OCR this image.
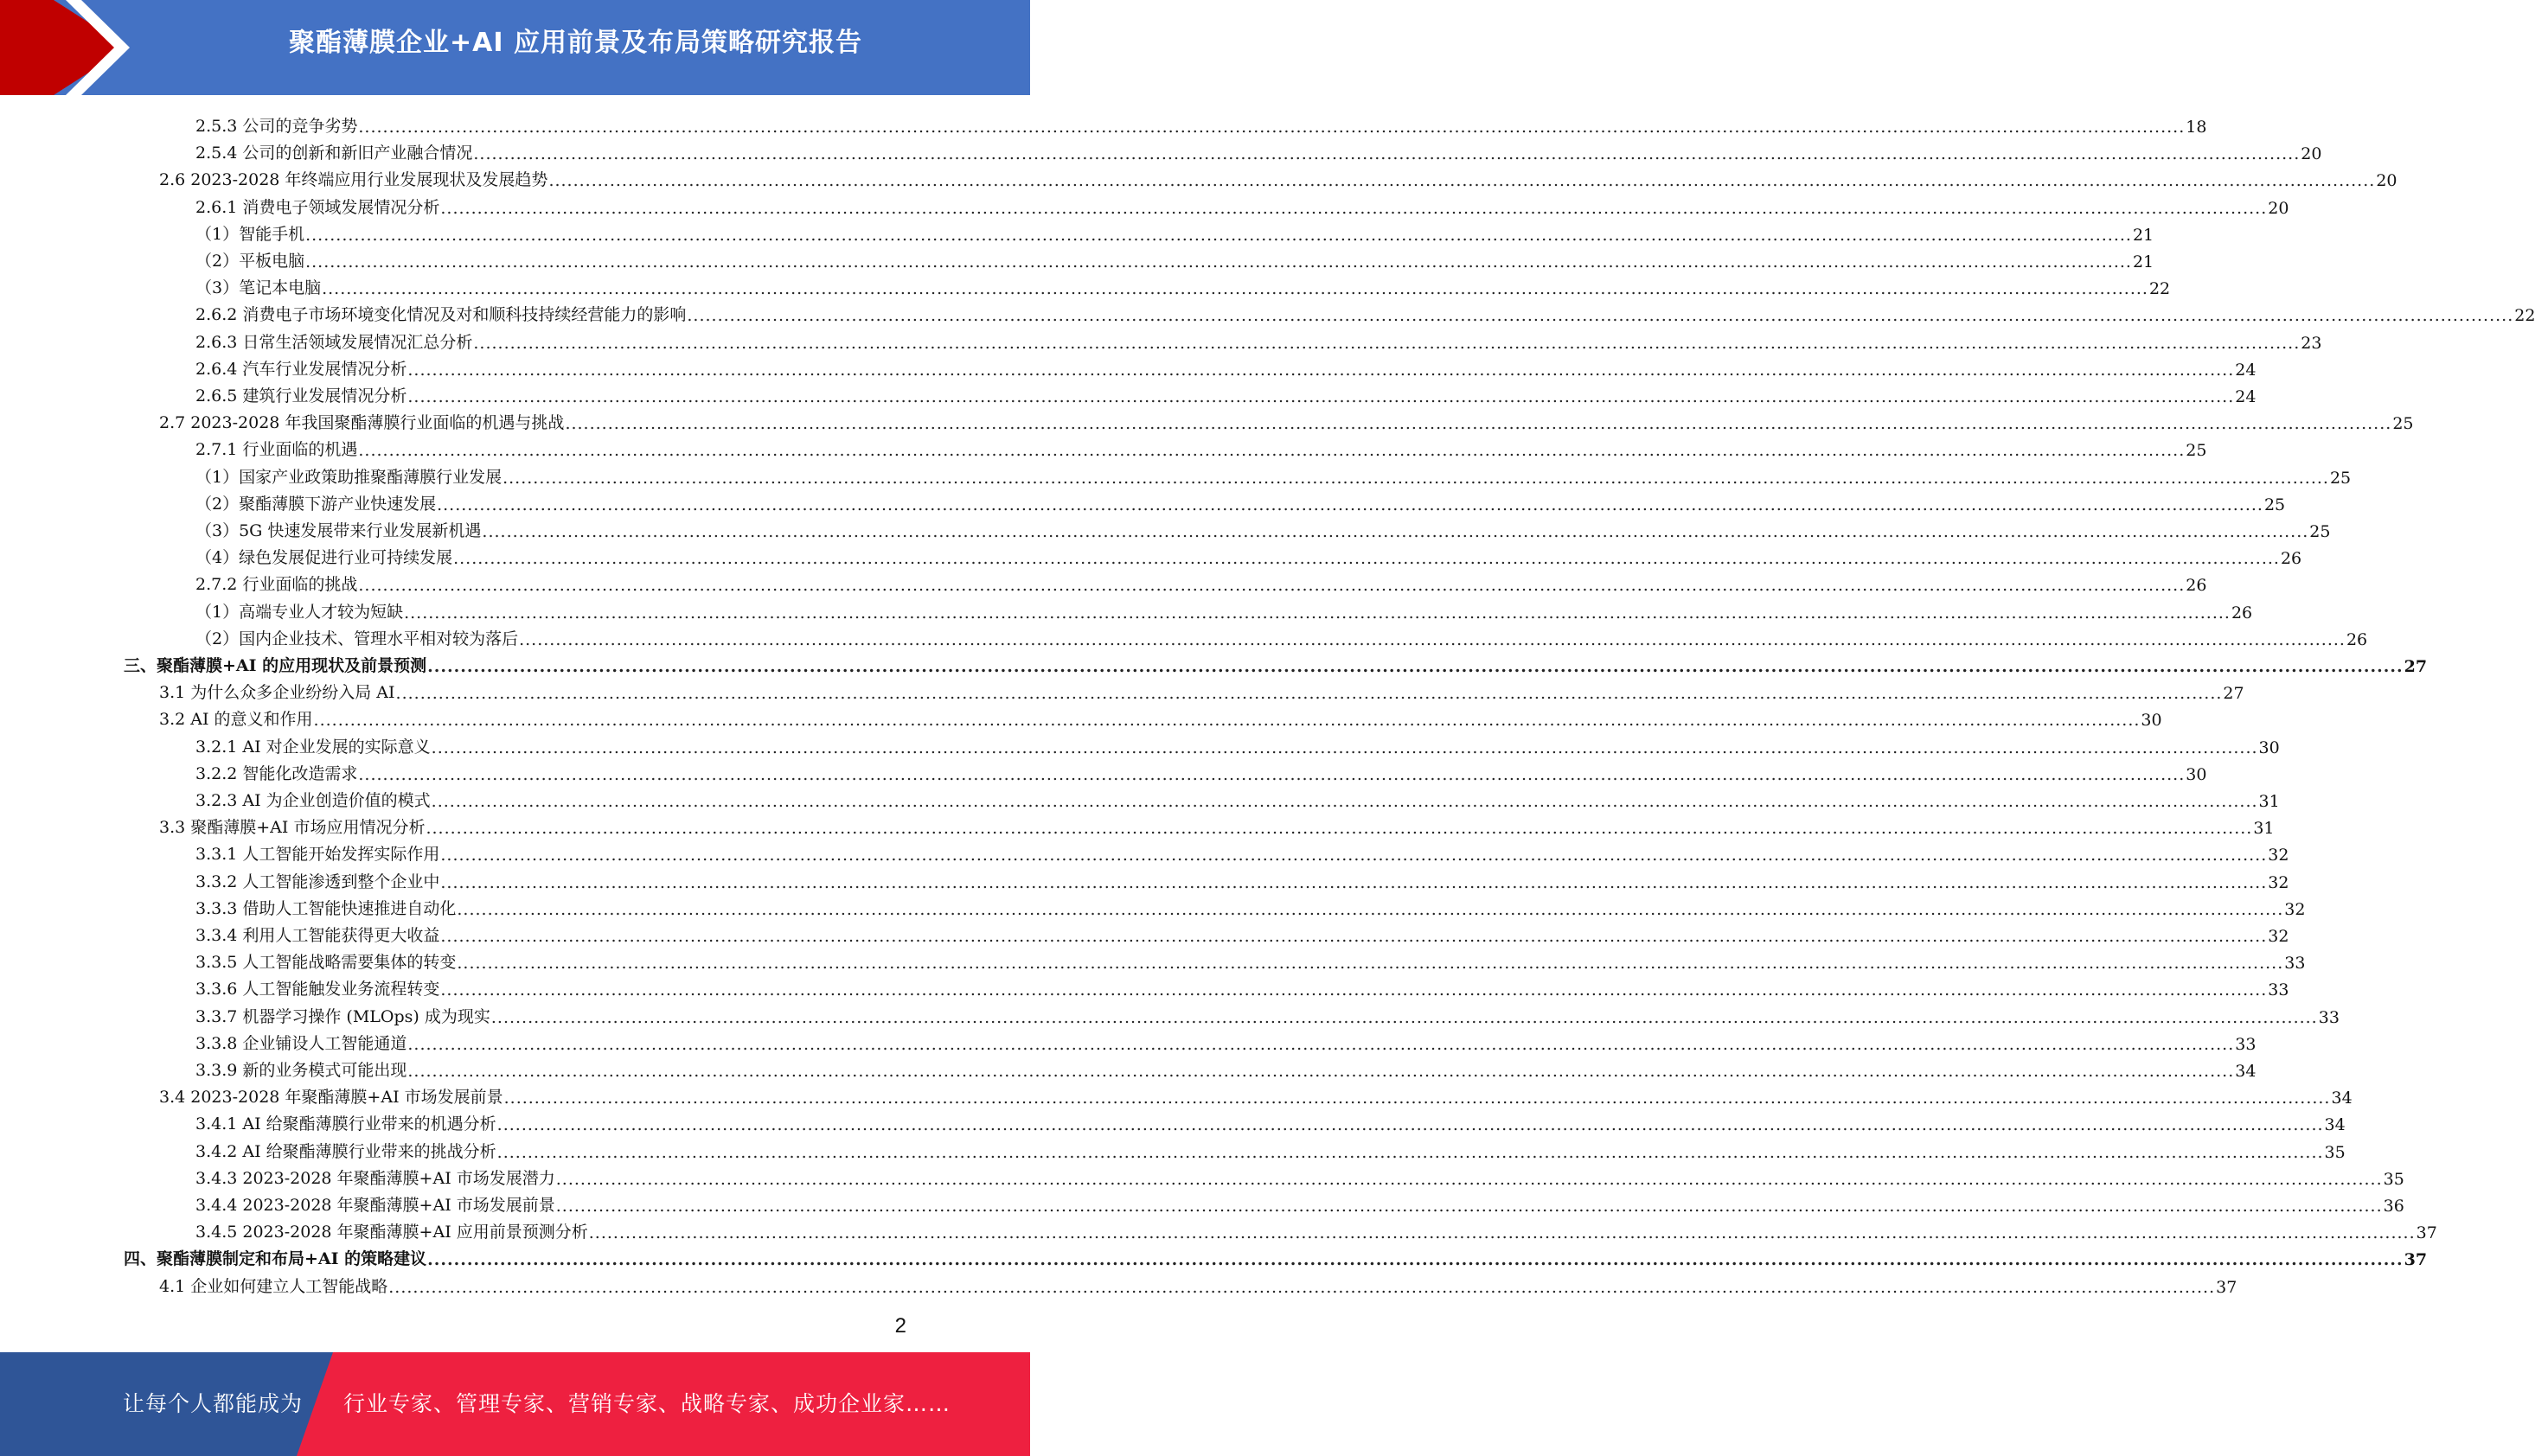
聚酯薄膜企业+AI 应用前景及布局策略研究报告
2.5.3 公司的竞争劣势 ............................................................................................................................................................................................................................................................................................................ 18
2.5.4 公司的创新和新旧产业融合情况 ............................................................................................................................................................................................................................................................................................................ 20
2.6 2023-2028 年终端应用行业发展现状及发展趋势 ............................................................................................................................................................................................................................................................................................................ 20
2.6.1 消费电子领域发展情况分析 ............................................................................................................................................................................................................................................................................................................ 20
（1）智能手机 ............................................................................................................................................................................................................................................................................................................ 21
（2）平板电脑 ............................................................................................................................................................................................................................................................................................................ 21
（3）笔记本电脑 ............................................................................................................................................................................................................................................................................................................ 22
2.6.2 消费电子市场环境变化情况及对和顺科技持续经营能力的影响 ............................................................................................................................................................................................................................................................................................................ 22
2.6.3 日常生活领域发展情况汇总分析 ............................................................................................................................................................................................................................................................................................................ 23
2.6.4 汽车行业发展情况分析 ............................................................................................................................................................................................................................................................................................................ 24
2.6.5 建筑行业发展情况分析 ............................................................................................................................................................................................................................................................................................................ 24
2.7 2023-2028 年我国聚酯薄膜行业面临的机遇与挑战 ............................................................................................................................................................................................................................................................................................................ 25
2.7.1 行业面临的机遇 ............................................................................................................................................................................................................................................................................................................ 25
（1）国家产业政策助推聚酯薄膜行业发展 ............................................................................................................................................................................................................................................................................................................ 25
（2）聚酯薄膜下游产业快速发展 ............................................................................................................................................................................................................................................................................................................ 25
（3）5G 快速发展带来行业发展新机遇 ............................................................................................................................................................................................................................................................................................................ 25
（4）绿色发展促进行业可持续发展 ............................................................................................................................................................................................................................................................................................................ 26
2.7.2 行业面临的挑战 ............................................................................................................................................................................................................................................................................................................ 26
（1）高端专业人才较为短缺 ............................................................................................................................................................................................................................................................................................................ 26
（2）国内企业技术、管理水平相对较为落后 ............................................................................................................................................................................................................................................................................................................ 26
三、聚酯薄膜+AI 的应用现状及前景预测 ............................................................................................................................................................................................................................................................................................................ 27
3.1 为什么众多企业纷纷入局 AI ............................................................................................................................................................................................................................................................................................................ 27
3.2 AI 的意义和作用 ............................................................................................................................................................................................................................................................................................................ 30
3.2.1 AI 对企业发展的实际意义 ............................................................................................................................................................................................................................................................................................................ 30
3.2.2 智能化改造需求 ............................................................................................................................................................................................................................................................................................................ 30
3.2.3 AI 为企业创造价值的模式 ............................................................................................................................................................................................................................................................................................................ 31
3.3 聚酯薄膜+AI 市场应用情况分析 ............................................................................................................................................................................................................................................................................................................ 31
3.3.1 人工智能开始发挥实际作用 ............................................................................................................................................................................................................................................................................................................ 32
3.3.2 人工智能渗透到整个企业中 ............................................................................................................................................................................................................................................................................................................ 32
3.3.3 借助人工智能快速推进自动化 ............................................................................................................................................................................................................................................................................................................ 32
3.3.4 利用人工智能获得更大收益 ............................................................................................................................................................................................................................................................................................................ 32
3.3.5 人工智能战略需要集体的转变 ............................................................................................................................................................................................................................................................................................................ 33
3.3.6 人工智能触发业务流程转变 ............................................................................................................................................................................................................................................................................................................ 33
3.3.7 机器学习操作 (MLOps) 成为现实 ............................................................................................................................................................................................................................................................................................................ 33
3.3.8 企业铺设人工智能通道 ............................................................................................................................................................................................................................................................................................................ 33
3.3.9 新的业务模式可能出现 ............................................................................................................................................................................................................................................................................................................ 34
3.4 2023-2028 年聚酯薄膜+AI 市场发展前景 ............................................................................................................................................................................................................................................................................................................ 34
3.4.1 AI 给聚酯薄膜行业带来的机遇分析 ............................................................................................................................................................................................................................................................................................................ 34
3.4.2 AI 给聚酯薄膜行业带来的挑战分析 ............................................................................................................................................................................................................................................................................................................ 35
3.4.3 2023-2028 年聚酯薄膜+AI 市场发展潜力 ............................................................................................................................................................................................................................................................................................................ 35
3.4.4 2023-2028 年聚酯薄膜+AI 市场发展前景 ............................................................................................................................................................................................................................................................................................................ 36
3.4.5 2023-2028 年聚酯薄膜+AI 应用前景预测分析 ............................................................................................................................................................................................................................................................................................................ 37
四、聚酯薄膜制定和布局+AI 的策略建议 ............................................................................................................................................................................................................................................................................................................ 37
4.1 企业如何建立人工智能战略 ............................................................................................................................................................................................................................................................................................................ 37
2
让每个人都能成为 行业专家、管理专家、营销专家、战略专家、成功企业家……
